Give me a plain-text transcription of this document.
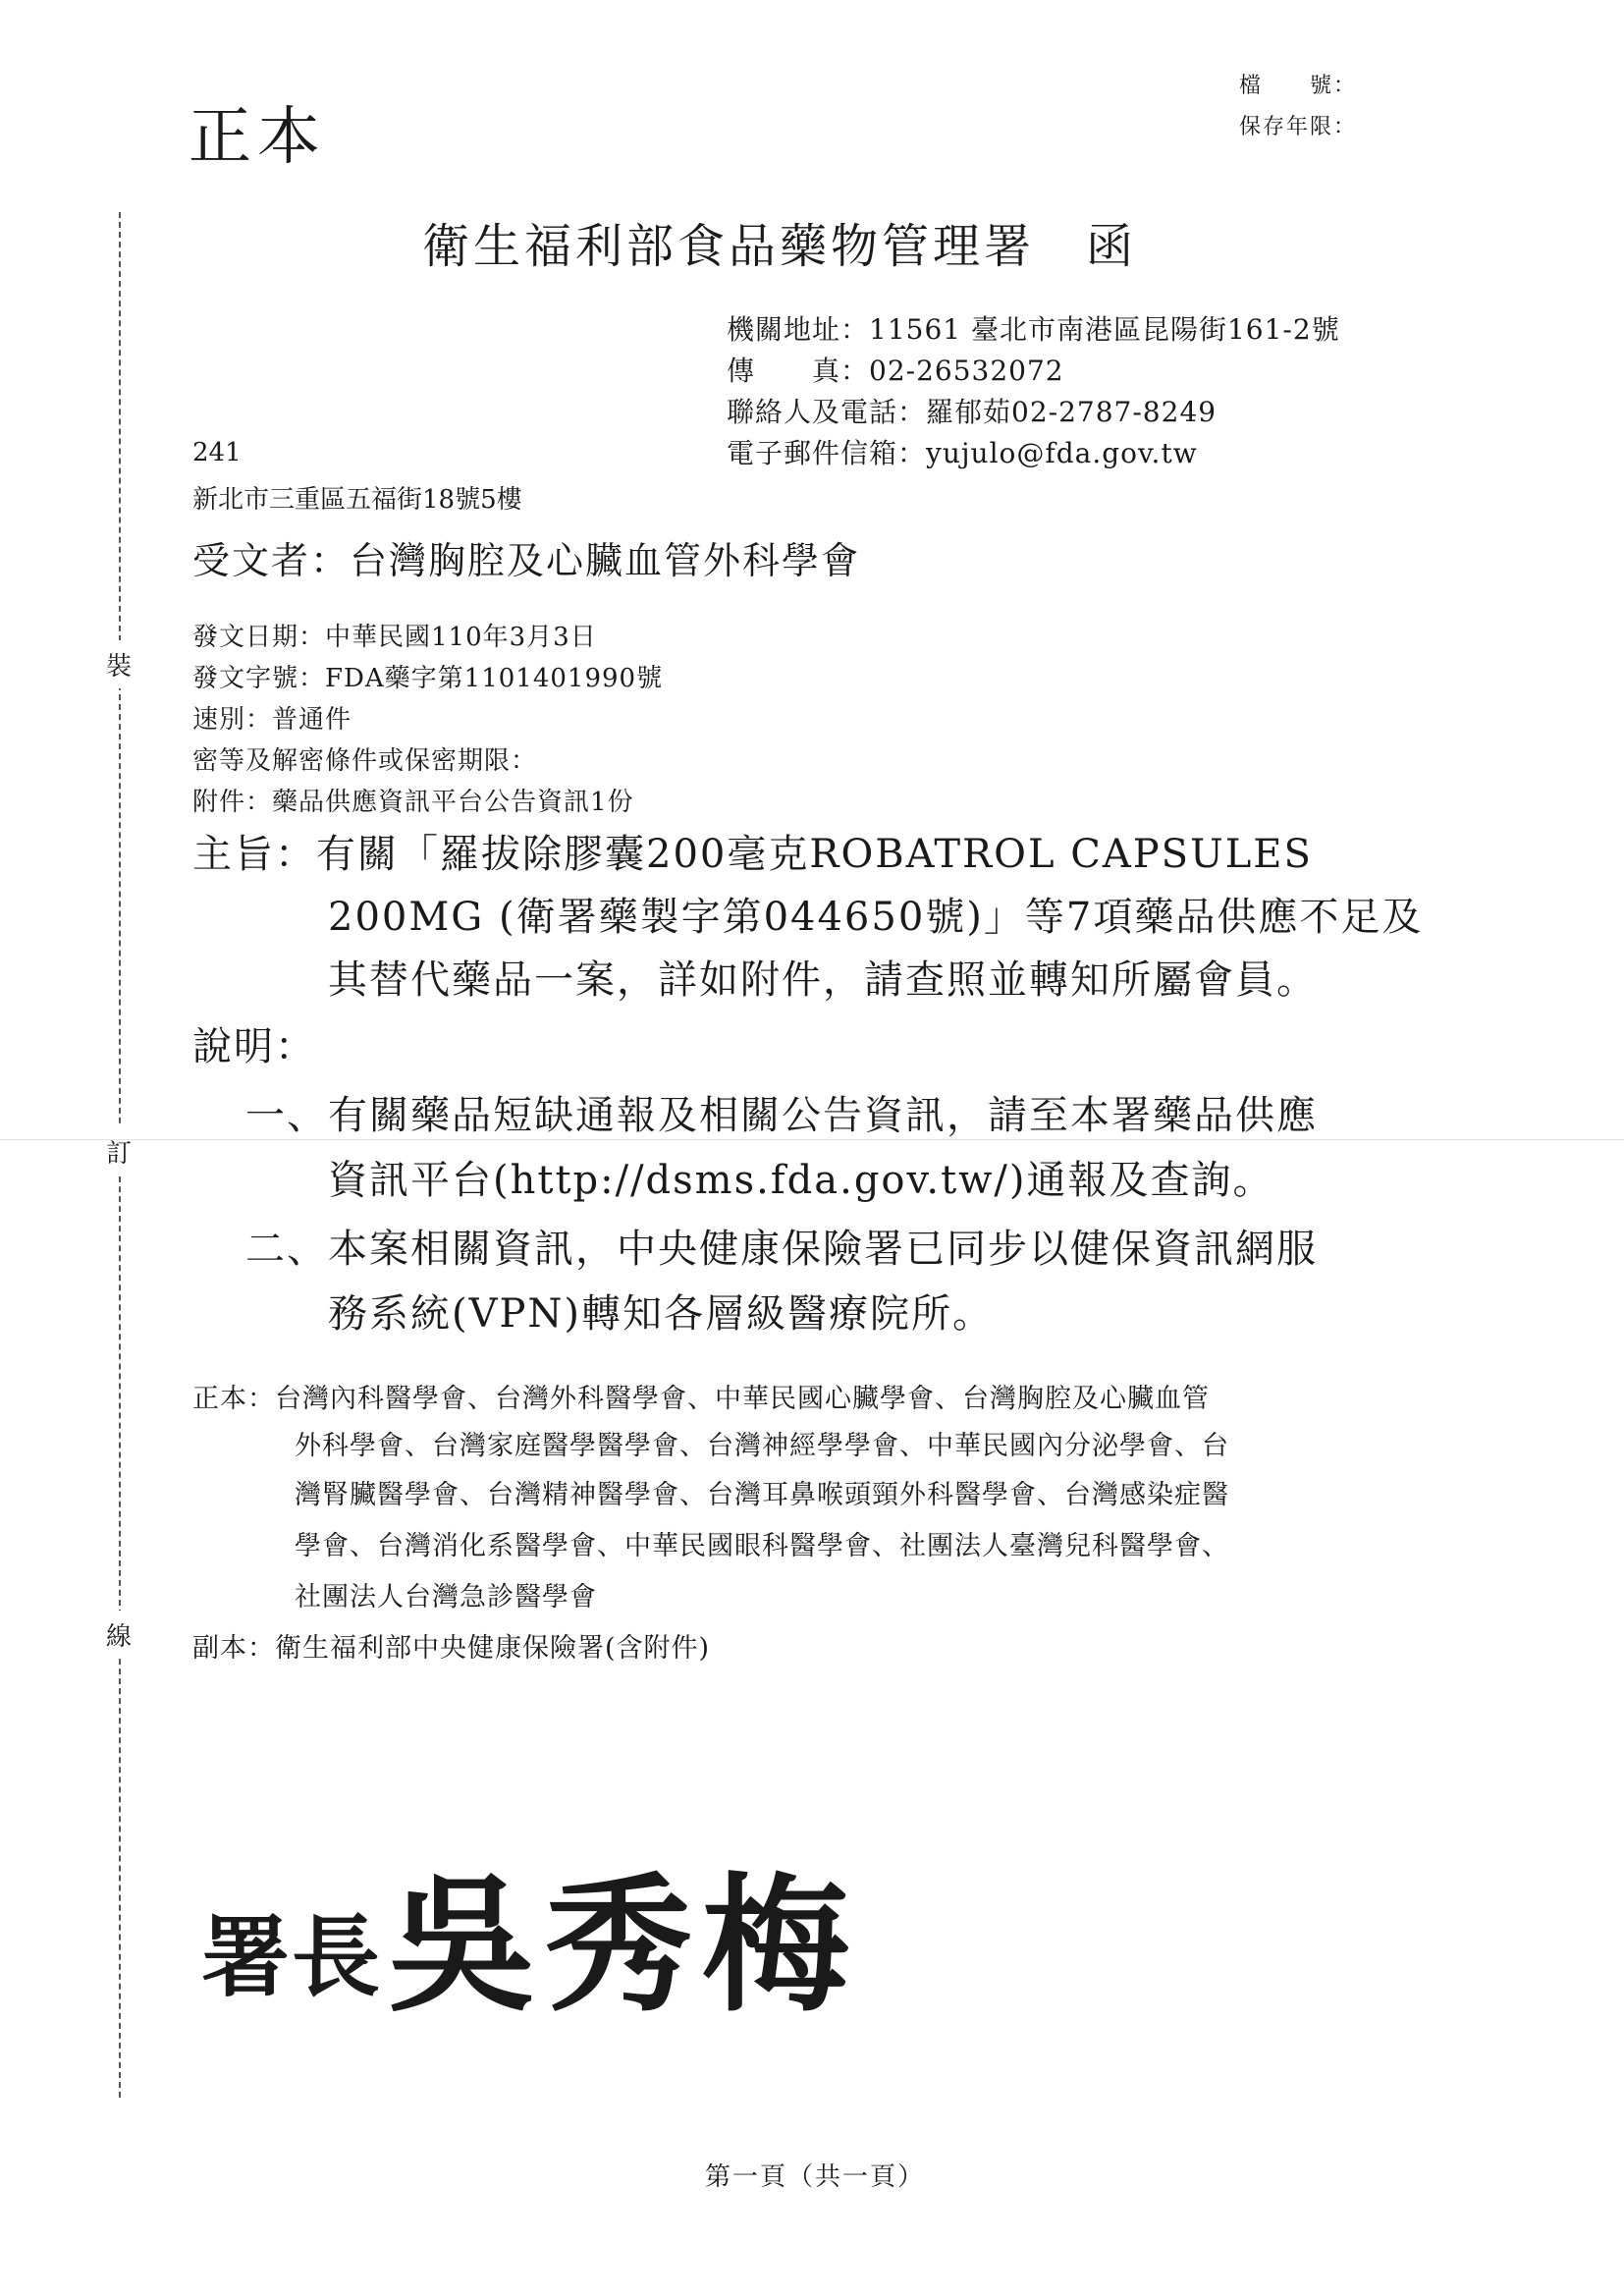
裝
訂
線
正本
檔　　號：
保存年限：
衛生福利部食品藥物管理署　函
機關地址：11561 臺北市南港區昆陽街161-2號
傳　　真：02-26532072
聯絡人及電話：羅郁茹02-2787-8249
電子郵件信箱：yujulo@fda.gov.tw
241
新北市三重區五福街18號5樓
受文者：台灣胸腔及心臟血管外科學會
發文日期：中華民國110年3月3日
發文字號：FDA藥字第1101401990號
速別：普通件
密等及解密條件或保密期限：
附件：藥品供應資訊平台公告資訊1份
主旨：有關「羅拔除膠囊200毫克ROBATROL CAPSULES
200MG (衛署藥製字第044650號)」等7項藥品供應不足及
其替代藥品一案，詳如附件，請查照並轉知所屬會員。
說明：
一、有關藥品短缺通報及相關公告資訊，請至本署藥品供應
資訊平台(http://dsms.fda.gov.tw/)通報及查詢。
二、本案相關資訊，中央健康保險署已同步以健保資訊網服
務系統(VPN)轉知各層級醫療院所。
正本：台灣內科醫學會、台灣外科醫學會、中華民國心臟學會、台灣胸腔及心臟血管
外科學會、台灣家庭醫學醫學會、台灣神經學學會、中華民國內分泌學會、台
灣腎臟醫學會、台灣精神醫學會、台灣耳鼻喉頭頸外科醫學會、台灣感染症醫
學會、台灣消化系醫學會、中華民國眼科醫學會、社團法人臺灣兒科醫學會、
社團法人台灣急診醫學會
副本：衛生福利部中央健康保險署(含附件)
署長 吳秀梅
第一頁（共一頁）
